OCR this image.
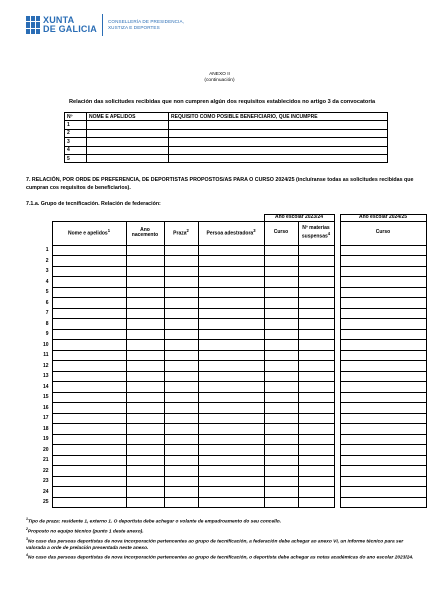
XUNTA
DE GALICIA
CONSELLERÍA DE PRESIDENCIA,
XUSTIZA E DEPORTES
ANEXO II
(continuación)
Relación das solicitudes recibidas que non cumpren algún dos requisitos establecidos no artigo 3 da convocatoria
Nº	NOME E APELIDOS	REQUISITO COMO POSIBLE BENEFICIARIO, QUE INCUMPRE
1		
2		
3		
4		
5		
7. RELACIÓN, POR ORDE DE PREFERENCIA, DE DEPORTISTAS PROPOSTOS/AS PARA O CURSO 2024/25 (incluíranse todas as solicitudes recibidas que cumpran cos requisitos de beneficiarios).
7.1.a. Grupo de tecnificación. Relación de federación:
					Ano escolar 2023/24			Ano escolar 2024/25
	Nome e apelidos$^1$	Ano nacemento	Praza$^2$	Persoa adestradora$^3$	Curso	Nº materias suspensas$^4$		Curso
1								
2								
3								
4								
5								
6								
7								
8								
9								
10								
11								
12								
13								
14								
15								
16								
17								
18								
19								
20								
21								
22								
23								
24								
25								
$^1$Tipo de praza: residente 1, externo 1. O deportista debe achegar o volante de empadroamento do seu concello.
$^2$Proposto no equipo técnico (punto 1 deste anexo).
$^3$No caso das persoas deportistas de nova incorporación pertencentes ao grupo de tecnificación, a federación debe achegar ao anexo VI, un informe técnico para ser valorada a orde de prelación presentada neste anexo.
$^4$No caso das persoas deportistas de nova incorporación pertencentes ao grupo de tecnificación, o deportista debe achegar as notas académicas do ano escolar 2023/24.
